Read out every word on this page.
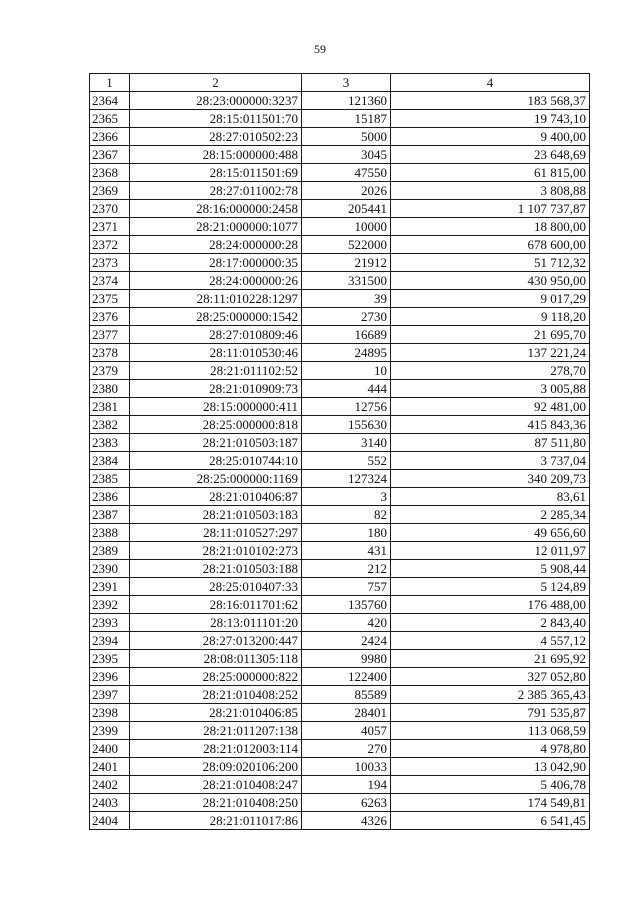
59
1	2	3	4
2364	28:23:000000:3237	121360	183 568,37
2365	28:15:011501:70	15187	19 743,10
2366	28:27:010502:23	5000	9 400,00
2367	28:15:000000:488	3045	23 648,69
2368	28:15:011501:69	47550	61 815,00
2369	28:27:011002:78	2026	3 808,88
2370	28:16:000000:2458	205441	1 107 737,87
2371	28:21:000000:1077	10000	18 800,00
2372	28:24:000000:28	522000	678 600,00
2373	28:17:000000:35	21912	51 712,32
2374	28:24:000000:26	331500	430 950,00
2375	28:11:010228:1297	39	9 017,29
2376	28:25:000000:1542	2730	9 118,20
2377	28:27:010809:46	16689	21 695,70
2378	28:11:010530:46	24895	137 221,24
2379	28:21:011102:52	10	278,70
2380	28:21:010909:73	444	3 005,88
2381	28:15:000000:411	12756	92 481,00
2382	28:25:000000:818	155630	415 843,36
2383	28:21:010503:187	3140	87 511,80
2384	28:25:010744:10	552	3 737,04
2385	28:25:000000:1169	127324	340 209,73
2386	28:21:010406:87	3	83,61
2387	28:21:010503:183	82	2 285,34
2388	28:11:010527:297	180	49 656,60
2389	28:21:010102:273	431	12 011,97
2390	28:21:010503:188	212	5 908,44
2391	28:25:010407:33	757	5 124,89
2392	28:16:011701:62	135760	176 488,00
2393	28:13:011101:20	420	2 843,40
2394	28:27:013200:447	2424	4 557,12
2395	28:08:011305:118	9980	21 695,92
2396	28:25:000000:822	122400	327 052,80
2397	28:21:010408:252	85589	2 385 365,43
2398	28:21:010406:85	28401	791 535,87
2399	28:21:011207:138	4057	113 068,59
2400	28:21:012003:114	270	4 978,80
2401	28:09:020106:200	10033	13 042,90
2402	28:21:010408:247	194	5 406,78
2403	28:21:010408:250	6263	174 549,81
2404	28:21:011017:86	4326	6 541,45
